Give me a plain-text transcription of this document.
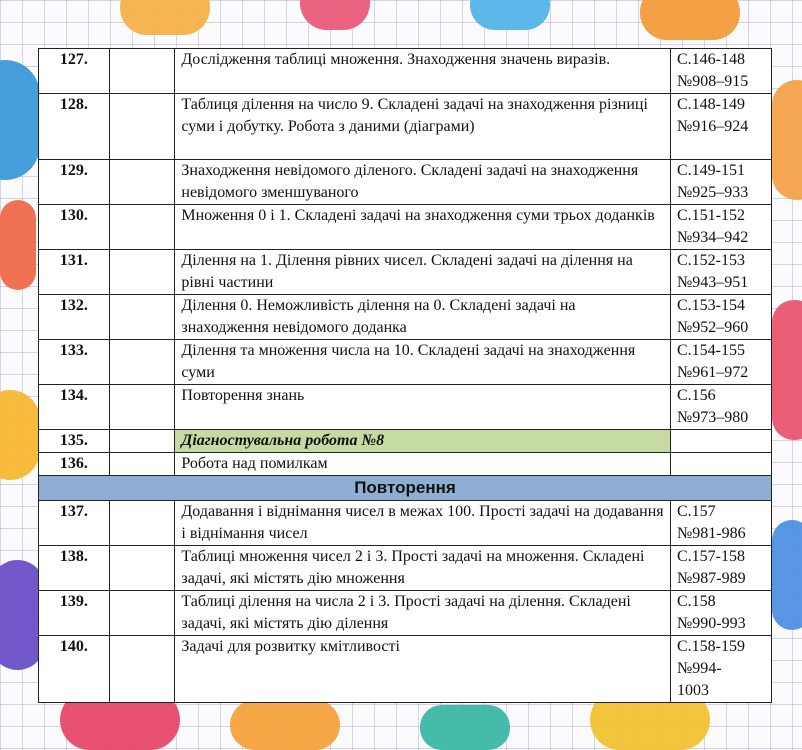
127.		Дослідження таблиці множення. Знаходження значень виразів.	С.146-148
№908–915
128.		Таблиця ділення на число 9. Складені задачі на знаходження різниці суми і добутку. Робота з даними (діаграми)	С.148-149
№916–924
129.		Знаходження невідомого діленого. Складені задачі на знаходження невідомого зменшуваного	С.149-151
№925–933
130.		Множення 0 і 1. Складені задачі на знаходження суми трьох доданків	С.151-152
№934–942
131.		Ділення на 1. Ділення рівних чисел. Складені задачі на ділення на рівні частини	С.152-153
№943–951
132.		Ділення 0. Неможливість ділення на 0. Складені задачі на знаходження невідомого доданка	С.153-154
№952–960
133.		Ділення та множення числа на 10. Складені задачі на знаходження суми	С.154-155
№961–972
134.		Повторення знань	С.156
№973–980
135.		Діагностувальна робота №8	
136.		Робота над помилкам	
Повторення			
137.		Додавання і віднімання чисел в межах 100. Прості задачі на додавання і віднімання чисел	С.157
№981-986
138.		Таблиці множення чисел 2 і 3. Прості задачі на множення. Складені задачі, які містять дію множення	С.157-158
№987-989
139.		Таблиці ділення на числа 2 і 3. Прості задачі на ділення. Складені задачі, які містять дію ділення	С.158
№990-993
140.		Задачі для розвитку кмітливості	С.158-159
№994-
1003
